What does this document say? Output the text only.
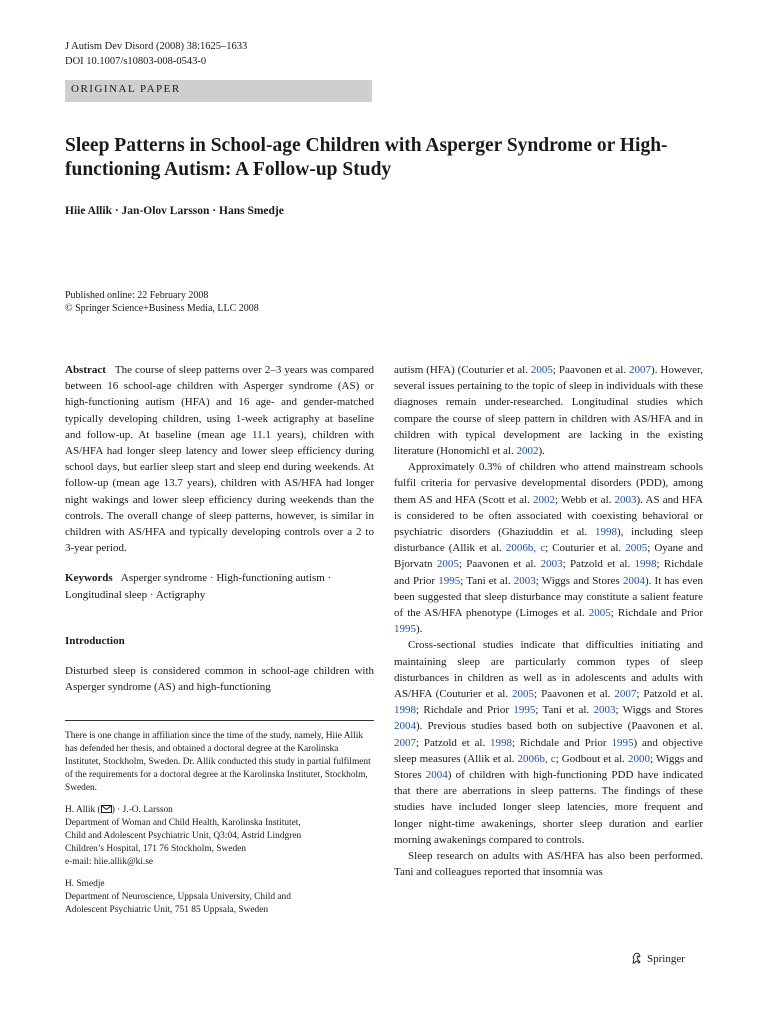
J Autism Dev Disord (2008) 38:1625–1633
DOI 10.1007/s10803-008-0543-0
ORIGINAL PAPER
Sleep Patterns in School-age Children with Asperger Syndrome or High-functioning Autism: A Follow-up Study
Hiie Allik · Jan-Olov Larsson · Hans Smedje
Published online: 22 February 2008
© Springer Science+Business Media, LLC 2008

Abstract The course of sleep patterns over 2–3 years was compared between 16 school-age children with Asperger syndrome (AS) or high-functioning autism (HFA) and 16 age- and gender-matched typically developing children, using 1-week actigraphy at baseline and follow-up. At baseline (mean age 11.1 years), children with AS/HFA had longer sleep latency and lower sleep efficiency during school days, but earlier sleep start and sleep end during weekends. At follow-up (mean age 13.7 years), children with AS/HFA had longer night wakings and lower sleep efficiency during weekends than the controls. The overall change of sleep patterns, however, is similar in children with AS/HFA and typically developing controls over a 2 to 3-year period.

Keywords Asperger syndrome · High-functioning autism · Longitudinal sleep · Actigraphy

Introduction

Disturbed sleep is considered common in school-age children with Asperger syndrome (AS) and high-functioning

autism (HFA) (Couturier et al. 2005; Paavonen et al. 2007). However, several issues pertaining to the topic of sleep in individuals with these diagnoses remain under-researched. Longitudinal studies which compare the course of sleep pattern in children with AS/HFA and in children with typical development are lacking in the existing literature (Honomichl et al. 2002).

Approximately 0.3% of children who attend mainstream schools fulfil criteria for pervasive developmental disorders (PDD), among them AS and HFA (Scott et al. 2002; Webb et al. 2003). AS and HFA is considered to be often associated with coexisting behavioral or psychiatric disorders (Ghaziuddin et al. 1998), including sleep disturbance (Allik et al. 2006b, c; Couturier et al. 2005; Oyane and Bjorvatn 2005; Paavonen et al. 2003; Patzold et al. 1998; Richdale and Prior 1995; Tani et al. 2003; Wiggs and Stores 2004). It has even been suggested that sleep disturbance may constitute a salient feature of the AS/HFA phenotype (Limoges et al. 2005; Richdale and Prior 1995).

Cross-sectional studies indicate that difficulties initiating and maintaining sleep are particularly common types of sleep disturbances in children as well as in adolescents and adults with AS/HFA (Couturier et al. 2005; Paavonen et al. 2007; Patzold et al. 1998; Richdale and Prior 1995; Tani et al. 2003; Wiggs and Stores 2004). Previous studies based both on subjective (Paavonen et al. 2007; Patzold et al. 1998; Richdale and Prior 1995) and objective sleep measures (Allik et al. 2006b, c; Godbout et al. 2000; Wiggs and Stores 2004) of children with high-functioning PDD have indicated that there are aberrations in sleep patterns. The findings of these studies have included longer sleep latencies, more frequent and longer night-time awakenings, shorter sleep duration and earlier morning awakenings compared to controls.

Sleep research on adults with AS/HFA has also been performed. Tani and colleagues reported that insomnia was

There is one change in affiliation since the time of the study, namely, Hiie Allik has defended her thesis, and obtained a doctoral degree at the Karolinska Institutet, Stockholm, Sweden. Dr. Allik conducted this study in partial fulfilment of the requirements for a doctoral degree at the Karolinska Institutet, Stockholm, Sweden.

H. Allik ( ) · J.-O. Larsson

Department of Woman and Child Health, Karolinska Institutet,

Child and Adolescent Psychiatric Unit, Q3:04, Astrid Lindgren

Children’s Hospital, 171 76 Stockholm, Sweden

e-mail: hiie.allik@ki.se

H. Smedje

Department of Neuroscience, Uppsala University, Child and

Adolescent Psychiatric Unit, 751 85 Uppsala, Sweden

Springer
